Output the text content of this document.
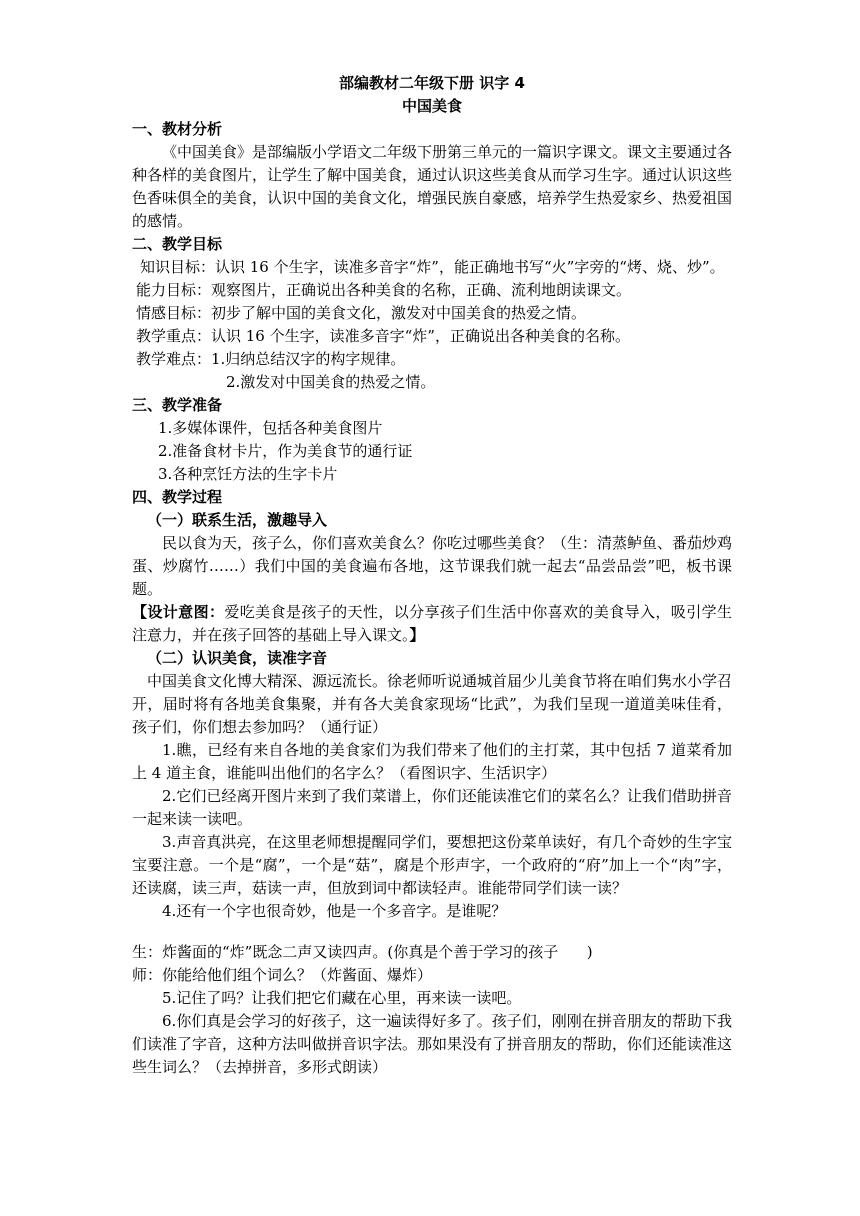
部编教材二年级下册 识字 4
中国美食
一、教材分析
《中国美食》是部编版小学语文二年级下册第三单元的一篇识字课文。课文主要通过各种各样的美食图片，让学生了解中国美食，通过认识这些美食从而学习生字。通过认识这些色香味俱全的美食，认识中国的美食文化，增强民族自豪感，培养学生热爱家乡、热爱祖国的感情。
二、教学目标
知识目标：认识 16 个生字，读准多音字“炸”，能正确地书写“火”字旁的“烤、烧、炒”。
能力目标：观察图片，正确说出各种美食的名称，正确、流利地朗读课文。
情感目标：初步了解中国的美食文化，激发对中国美食的热爱之情。
教学重点：认识 16 个生字，读准多音字“炸”，正确说出各种美食的名称。
教学难点：1.归纳总结汉字的构字规律。
2.激发对中国美食的热爱之情。
三、教学准备
1.多媒体课件，包括各种美食图片
2.准备食材卡片，作为美食节的通行证
3.各种烹饪方法的生字卡片
四、教学过程
（一）联系生活，激趣导入
民以食为天，孩子么，你们喜欢美食么？你吃过哪些美食？（生：清蒸鲈鱼、番茄炒鸡蛋、炒腐竹……）我们中国的美食遍布各地，这节课我们就一起去“品尝品尝”吧，板书课题。
【设计意图：爱吃美食是孩子的天性，以分享孩子们生活中你喜欢的美食导入，吸引学生注意力，并在孩子回答的基础上导入课文。】
（二）认识美食，读准字音
中国美食文化博大精深、源远流长。徐老师听说通城首届少儿美食节将在咱们隽水小学召开，届时将有各地美食集聚，并有各大美食家现场“比武”，为我们呈现一道道美味佳肴，孩子们，你们想去参加吗？（通行证）
1.瞧，已经有来自各地的美食家们为我们带来了他们的主打菜，其中包括 7 道菜肴加上 4 道主食，谁能叫出他们的名字么？（看图识字、生活识字）
2.它们已经离开图片来到了我们菜谱上，你们还能读准它们的菜名么？让我们借助拼音一起来读一读吧。
3.声音真洪亮，在这里老师想提醒同学们，要想把这份菜单读好，有几个奇妙的生字宝宝要注意。一个是“腐”，一个是“菇”，腐是个形声字，一个政府的“府”加上一个“肉”字，还读腐，读三声，菇读一声，但放到词中都读轻声。谁能带同学们读一读？
4.还有一个字也很奇妙，他是一个多音字。是谁呢？
生：炸酱面的“炸”既念二声又读四声。(你真是个善于学习的孩子      )
师：你能给他们组个词么？（炸酱面、爆炸）
5.记住了吗？让我们把它们藏在心里，再来读一读吧。
6.你们真是会学习的好孩子，这一遍读得好多了。孩子们，刚刚在拼音朋友的帮助下我们读准了字音，这种方法叫做拼音识字法。那如果没有了拼音朋友的帮助，你们还能读准这些生词么？（去掉拼音，多形式朗读）
